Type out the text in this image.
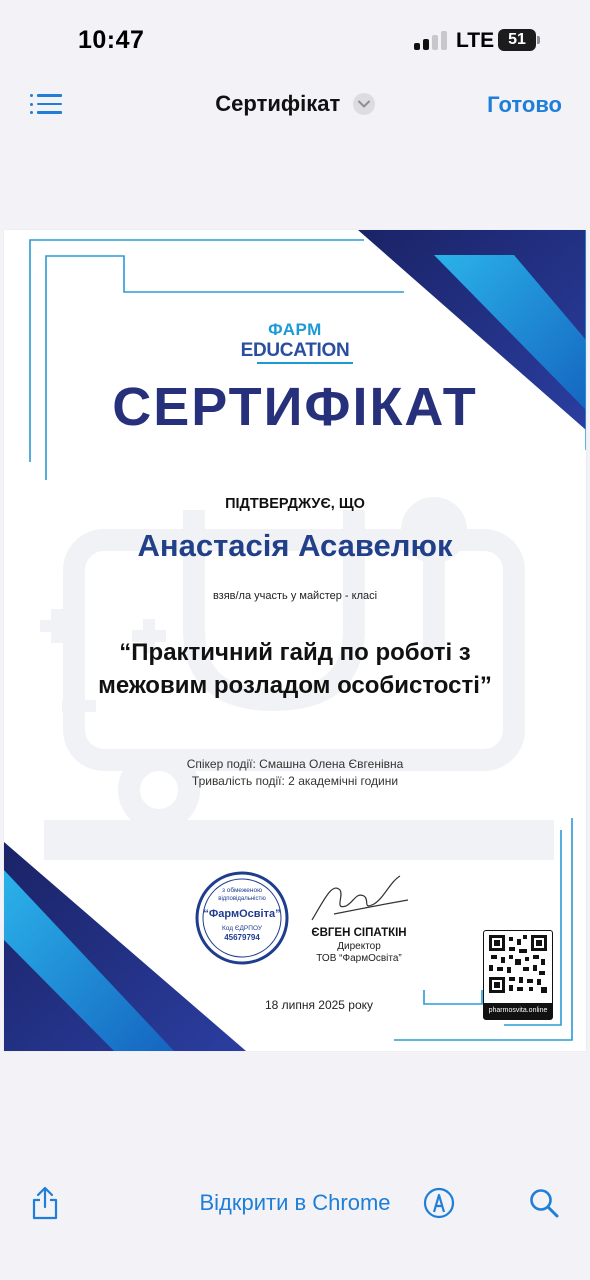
10:47	LTE 51
Сертифікат	Готово
ФАРМ
EDUCATION
СЕРТИФІКАТ
ПІДТВЕРДЖУЄ, ЩО
Анастасія Асавелюк
взяв/ла участь у майстер - класі
“Практичний гайд по роботі з
межовим розладом особистості”
Спікер події: Смашна Олена Євгенівна
Тривалість події: 2 академічні години
з обмеженою
відповідальністю
“ФармОсвіта”
Код ЄДРПОУ
45679794	ЄВГЕН СІПАТКІН
Директор
ТОВ “ФармОсвіта”
18 липня 2025 року	pharmosvita.online
Відкрити в Chrome
